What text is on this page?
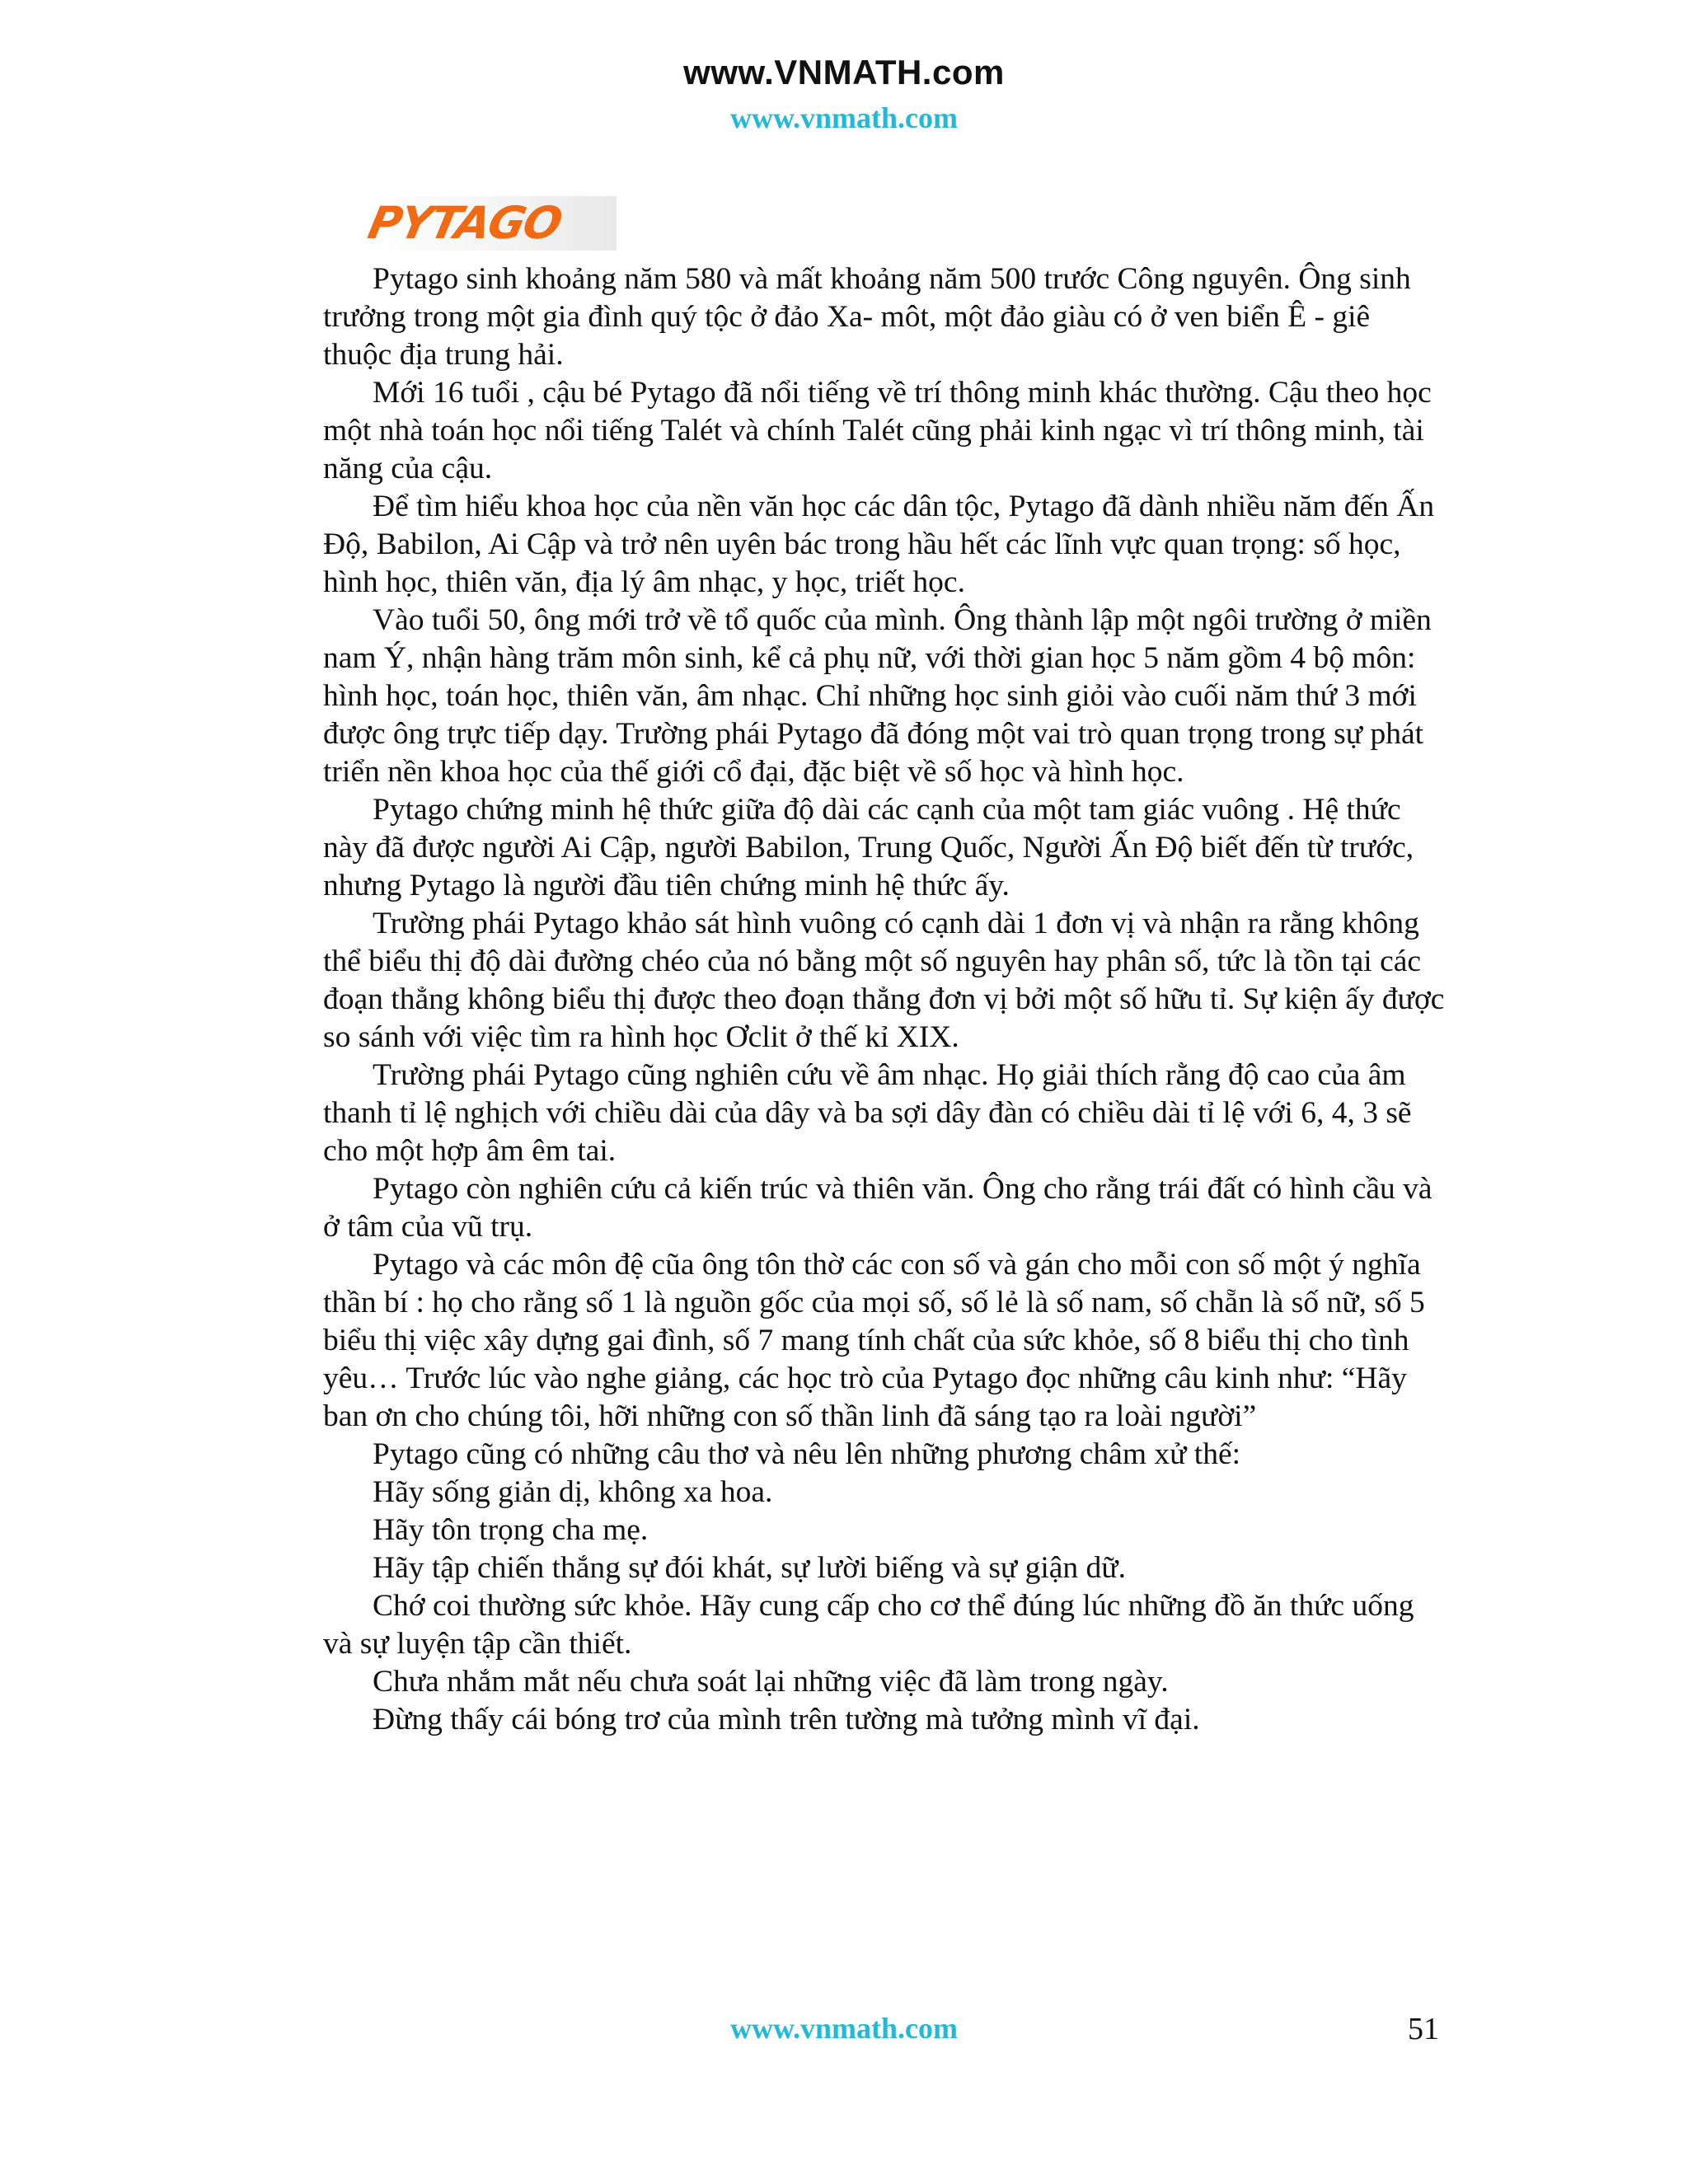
www.VNMATH.com
www.vnmath.com
PYTAGO

Pytago sinh khoảng năm 580 và mất khoảng năm 500 trước Công nguyên. Ông sinh trưởng trong một gia đình quý tộc ở đảo Xa- môt, một đảo giàu có ở ven biển Ê - giê thuộc địa trung hải.

Mới 16 tuổi , cậu bé Pytago đã nổi tiếng về trí thông minh khác thường. Cậu theo học một nhà toán học nổi tiếng Talét và chính Talét cũng phải kinh ngạc vì trí thông minh, tài năng của cậu.

Để tìm hiểu khoa học của nền văn học các dân tộc, Pytago đã dành nhiều năm đến Ấn Độ, Babilon, Ai Cập và trở nên uyên bác trong hầu hết các lĩnh vực quan trọng: số học, hình học, thiên văn, địa lý âm nhạc, y học, triết học.

Vào tuổi 50, ông mới trở về tổ quốc của mình. Ông thành lập một ngôi trường ở miền nam Ý, nhận hàng trăm môn sinh, kể cả phụ nữ, với thời gian học 5 năm gồm 4 bộ môn: hình học, toán học, thiên văn, âm nhạc. Chỉ những học sinh giỏi vào cuối năm thứ 3 mới được ông trực tiếp dạy. Trường phái Pytago đã đóng một vai trò quan trọng trong sự phát triển nền khoa học của thế giới cổ đại, đặc biệt về số học và hình học.

Pytago chứng minh hệ thức giữa độ dài các cạnh của một tam giác vuông . Hệ thức này đã được người Ai Cập, người Babilon, Trung Quốc, Người Ấn Độ biết đến từ trước, nhưng Pytago là người đầu tiên chứng minh hệ thức ấy.

Trường phái Pytago khảo sát hình vuông có cạnh dài 1 đơn vị và nhận ra rằng không thể biểu thị độ dài đường chéo của nó bằng một số nguyên hay phân số, tức là tồn tại các đoạn thẳng không biểu thị được theo đoạn thẳng đơn vị bởi một số hữu tỉ. Sự kiện ấy được so sánh với việc tìm ra hình học Ơclit ở thế kỉ XIX.

Trường phái Pytago cũng nghiên cứu về âm nhạc. Họ giải thích rằng độ cao của âm thanh tỉ lệ nghịch với chiều dài của dây và ba sợi dây đàn có chiều dài tỉ lệ với 6, 4, 3 sẽ cho một hợp âm êm tai.

Pytago còn nghiên cứu cả kiến trúc và thiên văn. Ông cho rằng trái đất có hình cầu và ở tâm của vũ trụ.

Pytago và các môn đệ cũa ông tôn thờ các con số và gán cho mỗi con số một ý nghĩa thần bí : họ cho rằng số 1 là nguồn gốc của mọi số, số lẻ là số nam, số chẵn là số nữ, số 5 biểu thị việc xây dựng gai đình, số 7 mang tính chất của sức khỏe, số 8 biểu thị cho tình yêu… Trước lúc vào nghe giảng, các học trò của Pytago đọc những câu kinh như: “Hãy ban ơn cho chúng tôi, hỡi những con số thần linh đã sáng tạo ra loài người”

Pytago cũng có những câu thơ và nêu lên những phương châm xử thế:

Hãy sống giản dị, không xa hoa.

Hãy tôn trọng cha mẹ.

Hãy tập chiến thắng sự đói khát, sự lười biếng và sự giận dữ.

Chớ coi thường sức khỏe. Hãy cung cấp cho cơ thể đúng lúc những đồ ăn thức uống và sự luyện tập cần thiết.

Chưa nhắm mắt nếu chưa soát lại những việc đã làm trong ngày.

Đừng thấy cái bóng trơ của mình trên tường mà tưởng mình vĩ đại.

www.vnmath.com	51
